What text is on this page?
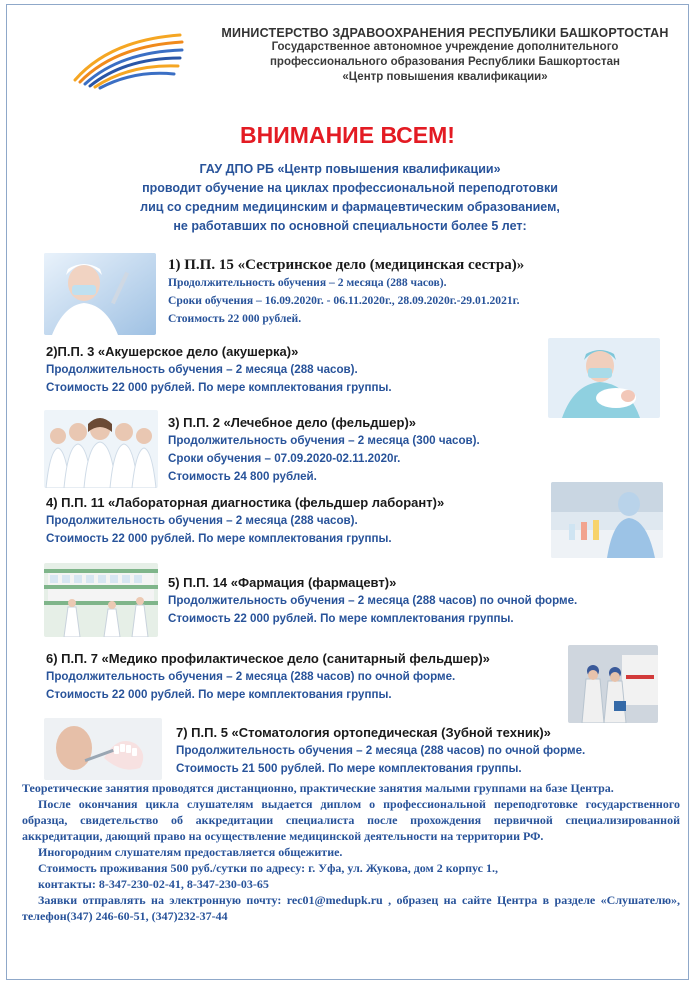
МИНИСТЕРСТВО ЗДРАВООХРАНЕНИЯ РЕСПУБЛИКИ БАШКОРТОСТАН
Государственное автономное учреждение дополнительного
профессионального образования Республики Башкортостан
«Центр повышения квалификации»
ВНИМАНИЕ ВСЕМ!
ГАУ ДПО РБ «Центр повышения квалификации»
проводит обучение на циклах профессиональной переподготовки
лиц со средним медицинским и фармацевтическим образованием,
не работавших по основной специальности более 5 лет:
1) П.П. 15 «Сестринское дело (медицинская сестра)»
Продолжительность обучения – 2 месяца (288 часов).
Сроки обучения – 16.09.2020г. - 06.11.2020г., 28.09.2020г.-29.01.2021г.
Стоимость 22 000 рублей.
2)П.П. 3 «Акушерское дело (акушерка)»
Продолжительность обучения – 2 месяца (288 часов).
Стоимость 22 000 рублей. По мере комплектования группы.
3) П.П. 2 «Лечебное дело (фельдшер)»
Продолжительность обучения – 2 месяца (300 часов).
Сроки обучения – 07.09.2020-02.11.2020г.
Стоимость 24 800 рублей.
4) П.П. 11 «Лабораторная диагностика (фельдшер лаборант)»
Продолжительность обучения – 2 месяца (288 часов).
Стоимость 22 000 рублей. По мере комплектования группы.
5) П.П. 14 «Фармация (фармацевт)»
Продолжительность обучения – 2 месяца (288 часов) по очной форме.
Стоимость 22 000 рублей. По мере комплектования группы.
6) П.П. 7 «Медико профилактическое дело (санитарный фельдшер)»
Продолжительность обучения – 2 месяца (288 часов) по очной форме.
Стоимость 22 000 рублей. По мере комплектования группы.
7) П.П. 5 «Стоматология ортопедическая (Зубной техник)»
Продолжительность обучения – 2 месяца (288 часов) по очной форме.
Стоимость 21 500 рублей. По мере комплектования группы.

Теоретические занятия проводятся дистанционно, практические занятия малыми группами на базе Центра.

После окончания цикла слушателям выдается диплом о профессиональной переподготовке государственного образца, свидетельство об аккредитации специалиста после прохождения первичной специализированной аккредитации, дающий право на осуществление медицинской деятельности на территории РФ.

Иногородним слушателям предоставляется общежитие.

Стоимость проживания 500 руб./сутки по адресу: г. Уфа, ул. Жукова, дом 2 корпус 1.,

контакты: 8-347-230-02-41, 8-347-230-03-65

Заявки отправлять на электронную почту: rec01@medupk.ru , образец на сайте Центра в разделе «Слушателю», телефон(347) 246-60-51, (347)232-37-44
